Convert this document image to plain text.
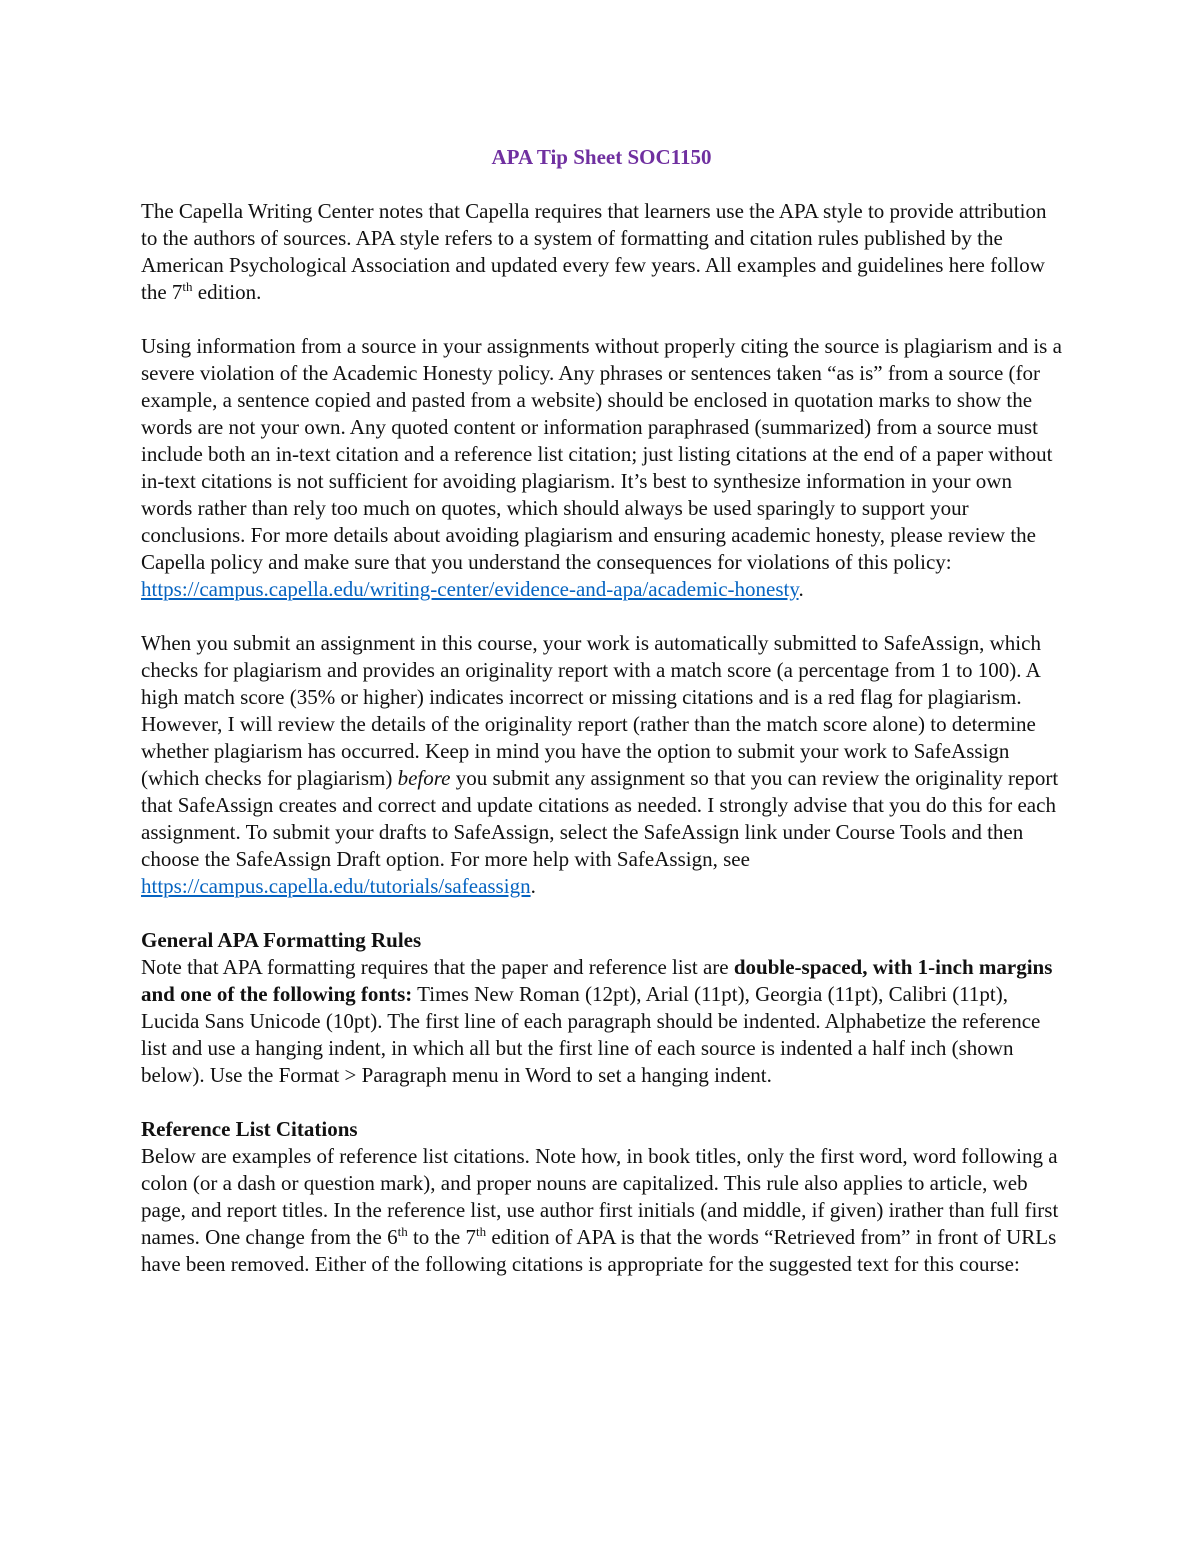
APA Tip Sheet SOC1150

The Capella Writing Center notes that Capella requires that learners use the APA style to provide attribution to the authors of sources. APA style refers to a system of formatting and citation rules published by the American Psychological Association and updated every few years. All examples and guidelines here follow the 7th edition.

Using information from a source in your assignments without properly citing the source is plagiarism and is a severe violation of the Academic Honesty policy. Any phrases or sentences taken “as is” from a source (for example, a sentence copied and pasted from a website) should be enclosed in quotation marks to show the words are not your own. Any quoted content or information paraphrased (summarized) from a source must include both an in-text citation and a reference list citation; just listing citations at the end of a paper without in-text citations is not sufficient for avoiding plagiarism. It’s best to synthesize information in your own words rather than rely too much on quotes, which should always be used sparingly to support your conclusions. For more details about avoiding plagiarism and ensuring academic honesty, please review the Capella policy and make sure that you understand the consequences for violations of this policy: https://campus.capella.edu/writing-center/evidence-and-apa/academic-honesty.

When you submit an assignment in this course, your work is automatically submitted to SafeAssign, which checks for plagiarism and provides an originality report with a match score (a percentage from 1 to 100). A high match score (35% or higher) indicates incorrect or missing citations and is a red flag for plagiarism. However, I will review the details of the originality report (rather than the match score alone) to determine whether plagiarism has occurred. Keep in mind you have the option to submit your work to SafeAssign (which checks for plagiarism) before you submit any assignment so that you can review the originality report that SafeAssign creates and correct and update citations as needed. I strongly advise that you do this for each assignment. To submit your drafts to SafeAssign, select the SafeAssign link under Course Tools and then choose the SafeAssign Draft option. For more help with SafeAssign, see https://campus.capella.edu/tutorials/safeassign.

General APA Formatting Rules
Note that APA formatting requires that the paper and reference list are double-spaced, with 1-inch margins and one of the following fonts: Times New Roman (12pt), Arial (11pt), Georgia (11pt), Calibri (11pt), Lucida Sans Unicode (10pt). The first line of each paragraph should be indented. Alphabetize the reference list and use a hanging indent, in which all but the first line of each source is indented a half inch (shown below). Use the Format > Paragraph menu in Word to set a hanging indent.

Reference List Citations
Below are examples of reference list citations. Note how, in book titles, only the first word, word following a colon (or a dash or question mark), and proper nouns are capitalized. This rule also applies to article, web page, and report titles. In the reference list, use author first initials (and middle, if given) irather than full first names. One change from the 6th to the 7th edition of APA is that the words “Retrieved from” in front of URLs have been removed. Either of the following citations is appropriate for the suggested text for this course:
